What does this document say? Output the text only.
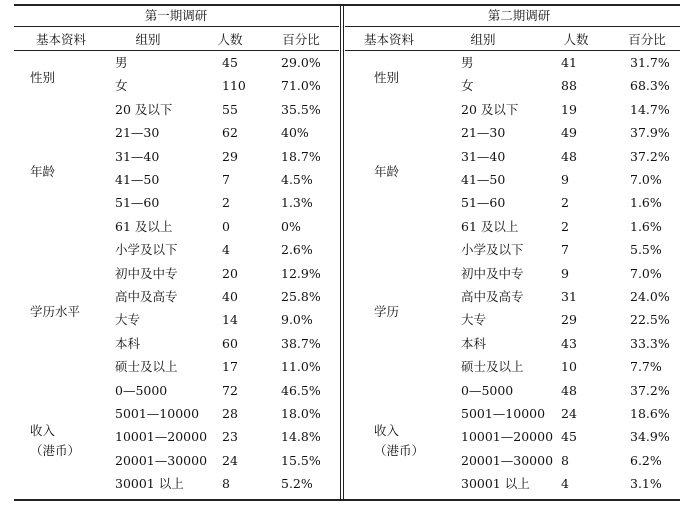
第一期调研	第二期调研
基本资料	组别	人数	百分比	基本资料	组别	人数	百分比
性别
男	45	29.0%
女	110	71.0%
年龄
20 及以下	55	35.5%
21—30	62	40%
31—40	29	18.7%
41—50	7	4.5%
51—60	2	1.3%
61 及以上	0	0%
学历水平
小学及以下	4	2.6%
初中及中专	20	12.9%
高中及高专	40	25.8%
大专	14	9.0%
本科	60	38.7%
硕士及以上	17	11.0%
收入
（港币）
0—5000	72	46.5%
5001—10000 28	18.0%
10001—20000 23	14.8%
20001—30000 24	15.5%
30001 以上	8	5.2%
性别
男	41	31.7%
女	88	68.3%
年龄
20 及以下	19	14.7%
21—30	49	37.9%
31—40	48	37.2%
41—50	9	7.0%
51—60	2	1.6%
61 及以上	2	1.6%
学历
小学及以下	7	5.5%
初中及中专	9	7.0%
高中及高专	31	24.0%
大专	29	22.5%
本科	43	33.3%
硕士及以上	10	7.7%
收入
（港币）
0—5000	48	37.2%
5001—10000 24	18.6%
10001—20000 45	34.9%
20001—30000 8	6.2%
30001 以上	4	3.1%
